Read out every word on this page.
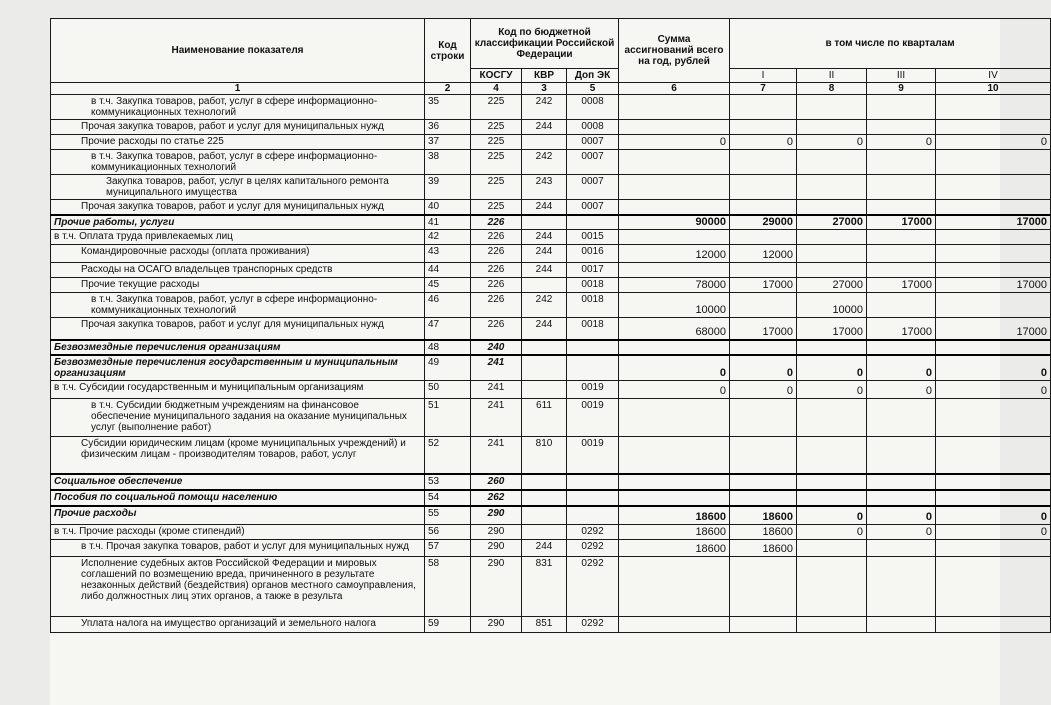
Наименование показателя	Код строки	Код по бюджетной классификации Российской Федерации			Сумма ассигнований всего на год, рублей	в том числе по кварталам			
		КОСГУ	КВР	Доп ЭК		I	II	III	IV
1	2	4	3	5	6	7	8	9	10
в т.ч. Закупка товаров, работ, услуг в сфере информационно-коммуникационных технологий	35	225	242	0008					
Прочая закупка товаров, работ и услуг для муниципальных нужд	36	225	244	0008					
Прочие расходы по статье 225	37	225		0007	0	0	0	0	0
в т.ч. Закупка товаров, работ, услуг в сфере информационно-коммуникационных технологий	38	225	242	0007					
Закупка товаров, работ, услуг в целях капитального ремонта муниципального имущества	39	225	243	0007					
Прочая закупка товаров, работ и услуг для муниципальных нужд	40	225	244	0007					
Прочие работы, услуги	41	226			90000	29000	27000	17000	17000
в т.ч. Оплата труда привлекаемых лиц	42	226	244	0015					
Командировочные расходы (оплата проживания)	43	226	244	0016	12000	12000			
Расходы на ОСАГО владельцев транспорных средств	44	226	244	0017					
Прочие текущие расходы	45	226		0018	78000	17000	27000	17000	17000
в т.ч. Закупка товаров, работ, услуг в сфере информационно-коммуникационных технологий	46	226	242	0018	10000		10000		
Прочая закупка товаров, работ и услуг для муниципальных нужд	47	226	244	0018	68000	17000	17000	17000	17000
Безвозмездные перечисления организациям	48	240							
Безвозмездные перечисления государственным и муниципальным организациям	49	241			0	0	0	0	0
в т.ч. Субсидии государственным и муниципальным организациям	50	241		0019	0	0	0	0	0
в т.ч. Субсидии бюджетным учреждениям на финансовое обеспечение муниципального задания на оказание муниципальных услуг (выполнение работ)	51	241	611	0019					
Субсидии юридическим лицам (кроме муниципальных учреждений) и физическим лицам - производителям товаров, работ, услуг	52	241	810	0019					
Социальное обеспечение	53	260							
Пособия по социальной помощи населению	54	262							
Прочие расходы	55	290			18600	18600	0	0	0
в т.ч. Прочие расходы (кроме стипендий)	56	290		0292	18600	18600	0	0	0
в т.ч. Прочая закупка товаров, работ и услуг для муниципальных нужд	57	290	244	0292	18600	18600			
Исполнение судебных актов Российской Федерации и мировых соглашений по возмещению вреда, причиненного в результате незаконных действий (бездействия) органов местного самоуправления, либо должностных лиц этих органов, а также в результа	58	290	831	0292					
Уплата налога на имущество организаций и земельного налога	59	290	851	0292					
